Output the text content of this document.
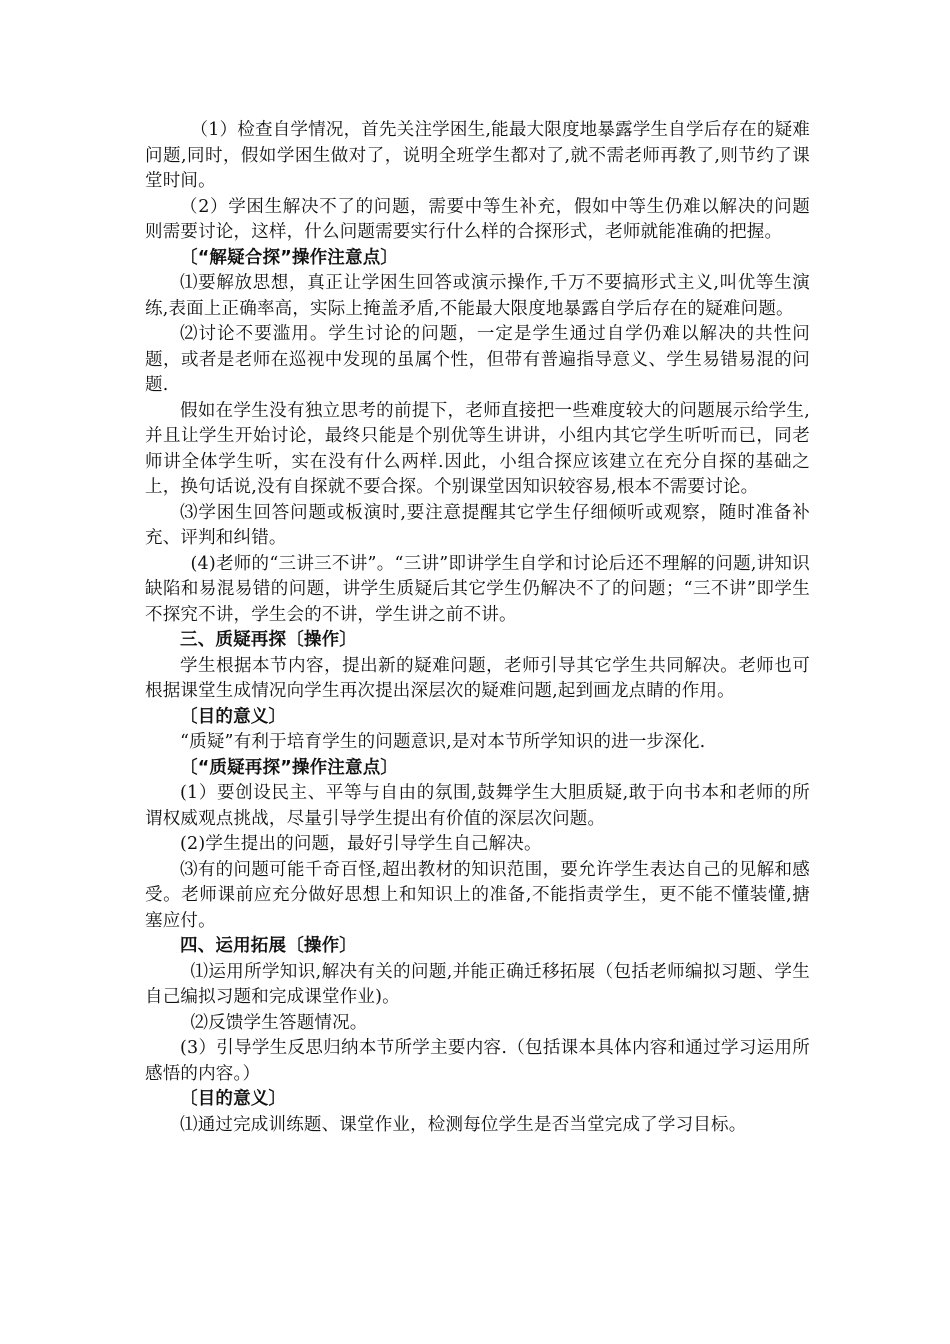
（1）检查自学情况，首先关注学困生,能最大限度地暴露学生自学后存在的疑难问题,同时，假如学困生做对了，说明全班学生都对了,就不需老师再教了,则节约了课堂时间。

（2）学困生解决不了的问题，需要中等生补充，假如中等生仍难以解决的问题则需要讨论，这样，什么问题需要实行什么样的合探形式，老师就能准确的把握。

〔“解疑合探”操作注意点〕

⑴要解放思想，真正让学困生回答或演示操作,千万不要搞形式主义,叫优等生演练,表面上正确率高，实际上掩盖矛盾,不能最大限度地暴露自学后存在的疑难问题。

⑵讨论不要滥用。学生讨论的问题，一定是学生通过自学仍难以解决的共性问题，或者是老师在巡视中发现的虽属个性，但带有普遍指导意义、学生易错易混的问题.

假如在学生没有独立思考的前提下，老师直接把一些难度较大的问题展示给学生,并且让学生开始讨论，最终只能是个别优等生讲讲，小组内其它学生听听而已，同老师讲全体学生听，实在没有什么两样.因此，小组合探应该建立在充分自探的基础之上，换句话说,没有自探就不要合探。个别课堂因知识较容易,根本不需要讨论。

⑶学困生回答问题或板演时,要注意提醒其它学生仔细倾听或观察，随时准备补充、评判和纠错。

(4)老师的“三讲三不讲”。“三讲”即讲学生自学和讨论后还不理解的问题,讲知识缺陷和易混易错的问题，讲学生质疑后其它学生仍解决不了的问题；“三不讲”即学生不探究不讲，学生会的不讲，学生讲之前不讲。

三、质疑再探〔操作〕

学生根据本节内容，提出新的疑难问题，老师引导其它学生共同解决。老师也可根据课堂生成情况向学生再次提出深层次的疑难问题,起到画龙点睛的作用。

〔目的意义〕

“质疑”有利于培育学生的问题意识,是对本节所学知识的进一步深化.

〔“质疑再探”操作注意点〕

(1）要创设民主、平等与自由的氛围,鼓舞学生大胆质疑,敢于向书本和老师的所谓权威观点挑战，尽量引导学生提出有价值的深层次问题。

(2)学生提出的问题，最好引导学生自己解决。

⑶有的问题可能千奇百怪,超出教材的知识范围，要允许学生表达自己的见解和感受。老师课前应充分做好思想上和知识上的准备,不能指责学生，更不能不懂装懂,搪塞应付。

四、运用拓展〔操作〕

⑴运用所学知识,解决有关的问题,并能正确迁移拓展（包括老师编拟习题、学生自己编拟习题和完成课堂作业)。

⑵反馈学生答题情况。

(3）引导学生反思归纳本节所学主要内容.（包括课本具体内容和通过学习运用所感悟的内容。）

〔目的意义〕

⑴通过完成训练题、课堂作业，检测每位学生是否当堂完成了学习目标。
